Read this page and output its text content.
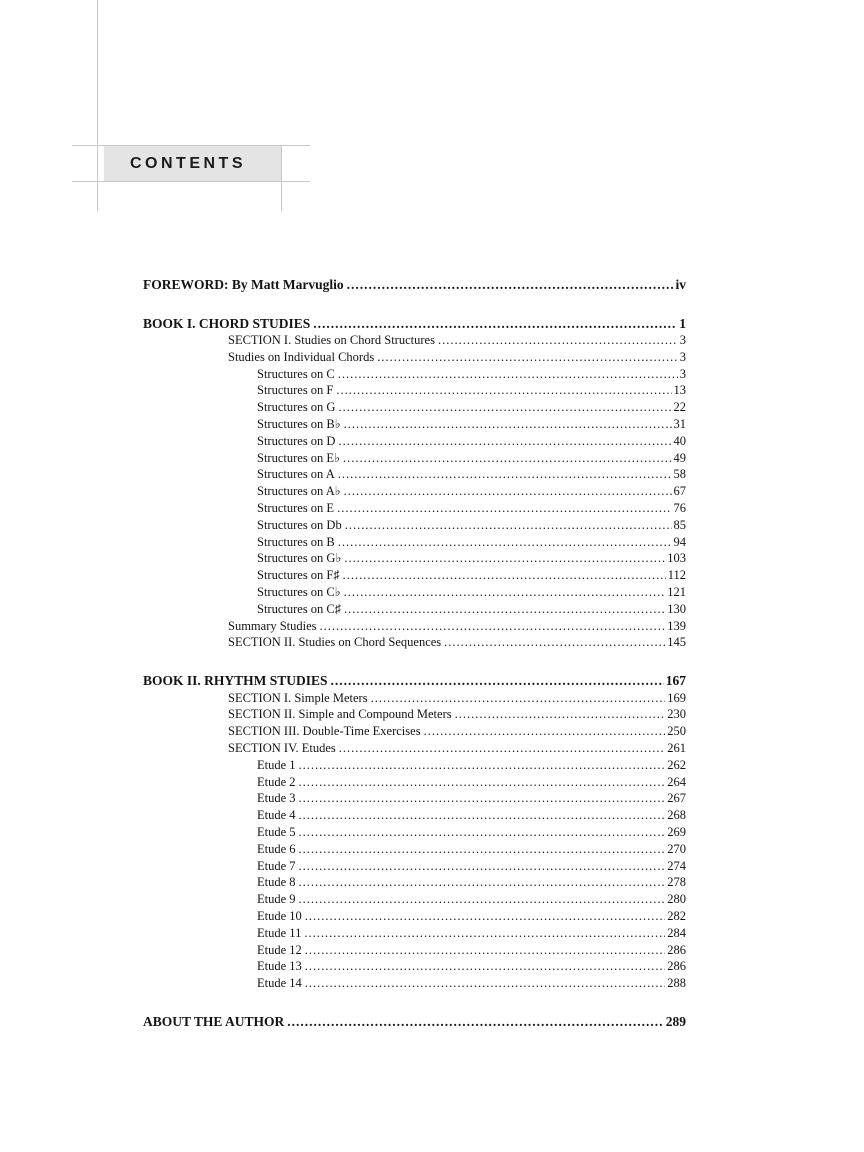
CONTENTS
FOREWORD: By Matt Marvuglio .....	iv
BOOK I. CHORD STUDIES .....	1
SECTION I. Studies on Chord Structures .....	3
Studies on Individual Chords .....	3
Structures on C .....	3
Structures on F .....	13
Structures on G .....	22
Structures on B♭ .....	31
Structures on D .....	40
Structures on E♭ .....	49
Structures on A .....	58
Structures on A♭ .....	67
Structures on E .....	76
Structures on Db .....	85
Structures on B .....	94
Structures on G♭ .....	103
Structures on F♯ .....	112
Structures on C♭ .....	121
Structures on C♯ .....	130
Summary Studies .....	139
SECTION II. Studies on Chord Sequences .....	145
BOOK II. RHYTHM STUDIES .....	167
SECTION I. Simple Meters .....	169
SECTION II. Simple and Compound Meters .....	230
SECTION III. Double-Time Exercises .....	250
SECTION IV. Etudes .....	261
Etude 1 .....	262
Etude 2 .....	264
Etude 3 .....	267
Etude 4 .....	268
Etude 5 .....	269
Etude 6 .....	270
Etude 7 .....	274
Etude 8 .....	278
Etude 9 .....	280
Etude 10 .....	282
Etude 11 .....	284
Etude 12 .....	286
Etude 13 .....	286
Etude 14 .....	288
ABOUT THE AUTHOR .....	289
